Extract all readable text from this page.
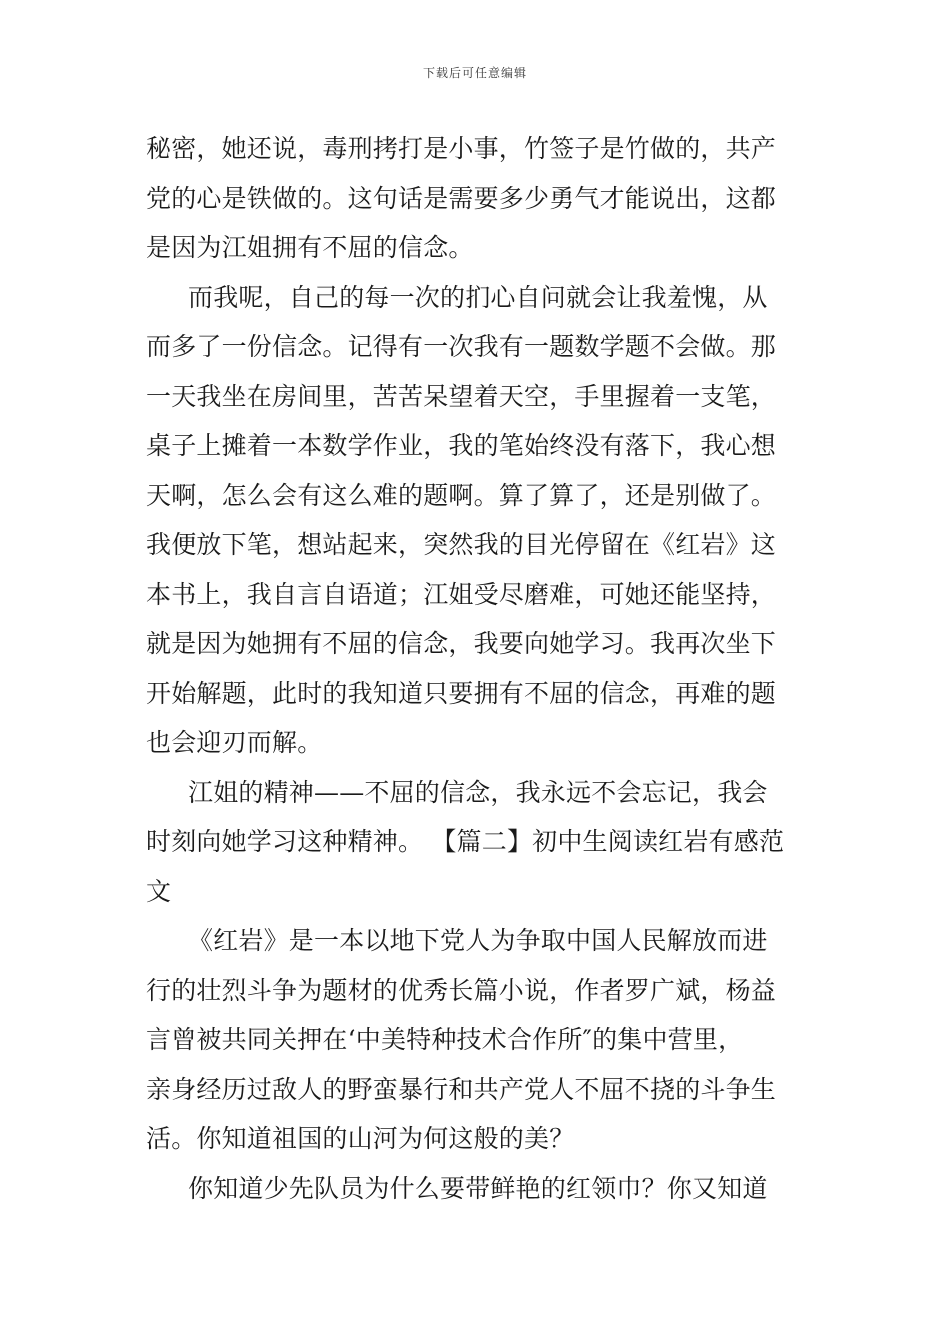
下载后可任意编辑
秘密，她还说，毒刑拷打是小事，竹签子是竹做的，共产
党的心是铁做的。这句话是需要多少勇气才能说出，这都
是因为江姐拥有不屈的信念。
而我呢，自己的每一次的扪心自问就会让我羞愧，从
而多了一份信念。记得有一次我有一题数学题不会做。那
一天我坐在房间里，苦苦呆望着天空，手里握着一支笔，
桌子上摊着一本数学作业，我的笔始终没有落下，我心想
天啊，怎么会有这么难的题啊。算了算了，还是别做了。
我便放下笔，想站起来，突然我的目光停留在《红岩》这
本书上，我自言自语道；江姐受尽磨难，可她还能坚持，
就是因为她拥有不屈的信念，我要向她学习。我再次坐下
开始解题，此时的我知道只要拥有不屈的信念，再难的题
也会迎刃而解。
江姐的精神——不屈的信念，我永远不会忘记，我会
时刻向她学习这种精神。 【篇二】初中生阅读红岩有感范
文
《红岩》是一本以地下党人为争取中国人民解放而进
行的壮烈斗争为题材的优秀长篇小说，作者罗广斌，杨益
言曾被共同关押在‘中美特种技术合作所″的集中营里，
亲身经历过敌人的野蛮暴行和共产党人不屈不挠的斗争生
活。你知道祖国的山河为何这般的美？
你知道少先队员为什么要带鲜艳的红领巾？你又知道
